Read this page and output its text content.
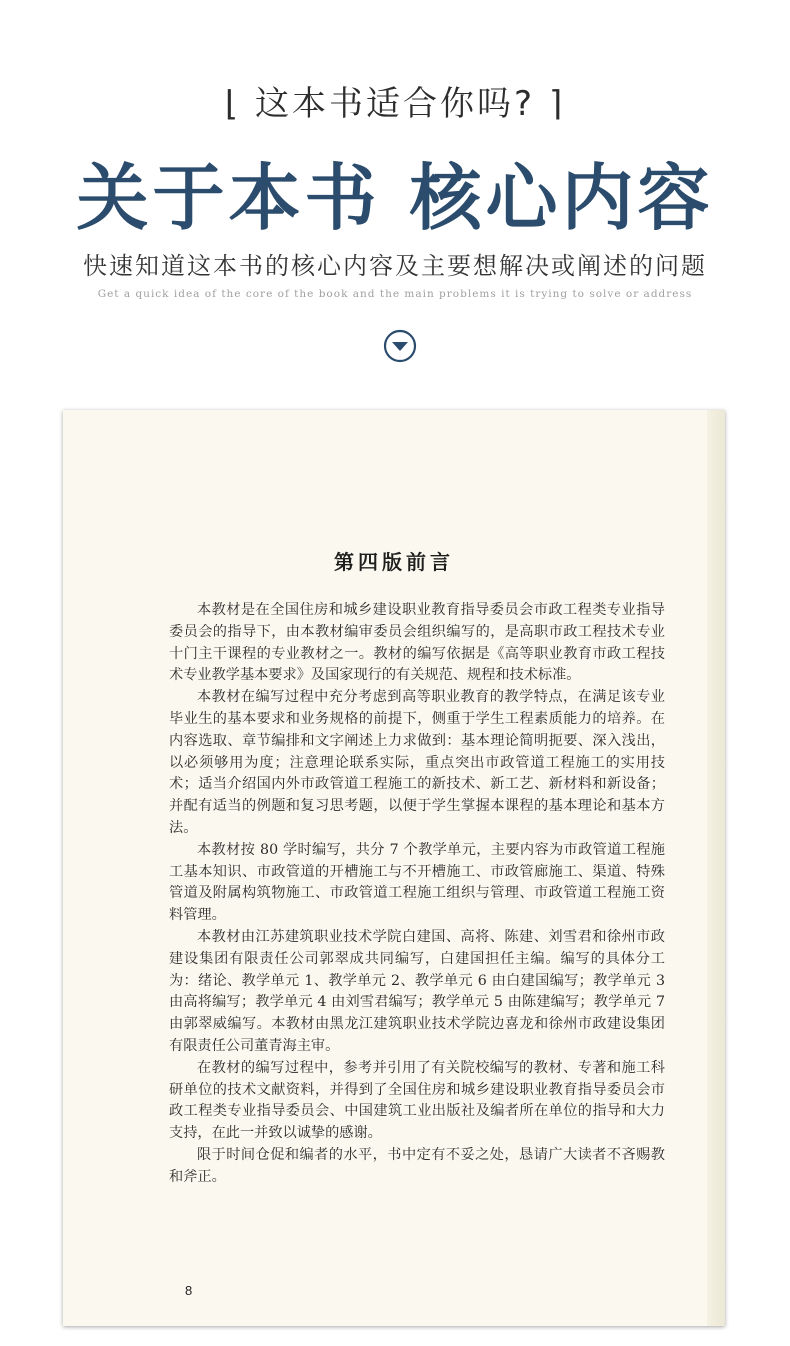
⌊ 这本书适合你吗? ⌉
关于本书 核心内容
快速知道这本书的核心内容及主要想解决或阐述的问题
Get a quick idea of the core of the book and the main problems it is trying to solve or address
第四版前言

本教材是在全国住房和城乡建设职业教育指导委员会市政工程类专业指导委员会的指导下，由本教材编审委员会组织编写的，是高职市政工程技术专业十门主干课程的专业教材之一。教材的编写依据是《高等职业教育市政工程技术专业教学基本要求》及国家现行的有关规范、规程和技术标准。

本教材在编写过程中充分考虑到高等职业教育的教学特点，在满足该专业毕业生的基本要求和业务规格的前提下，侧重于学生工程素质能力的培养。在内容选取、章节编排和文字阐述上力求做到：基本理论简明扼要、深入浅出，以必须够用为度；注意理论联系实际，重点突出市政管道工程施工的实用技术；适当介绍国内外市政管道工程施工的新技术、新工艺、新材料和新设备；并配有适当的例题和复习思考题，以便于学生掌握本课程的基本理论和基本方法。

本教材按 80 学时编写，共分 7 个教学单元，主要内容为市政管道工程施工基本知识、市政管道的开槽施工与不开槽施工、市政管廊施工、渠道、特殊管道及附属构筑物施工、市政管道工程施工组织与管理、市政管道工程施工资料管理。

本教材由江苏建筑职业技术学院白建国、高将、陈建、刘雪君和徐州市政建设集团有限责任公司郭翠成共同编写，白建国担任主编。编写的具体分工为：绪论、教学单元 1、教学单元 2、教学单元 6 由白建国编写；教学单元 3 由高将编写；教学单元 4 由刘雪君编写；教学单元 5 由陈建编写；教学单元 7 由郭翠威编写。本教材由黑龙江建筑职业技术学院边喜龙和徐州市政建设集团有限责任公司董青海主审。

在教材的编写过程中，参考并引用了有关院校编写的教材、专著和施工科研单位的技术文献资料，并得到了全国住房和城乡建设职业教育指导委员会市政工程类专业指导委员会、中国建筑工业出版社及编者所在单位的指导和大力支持，在此一并致以诚挚的感谢。

限于时间仓促和编者的水平，书中定有不妥之处，恳请广大读者不吝赐教和斧正。

8
